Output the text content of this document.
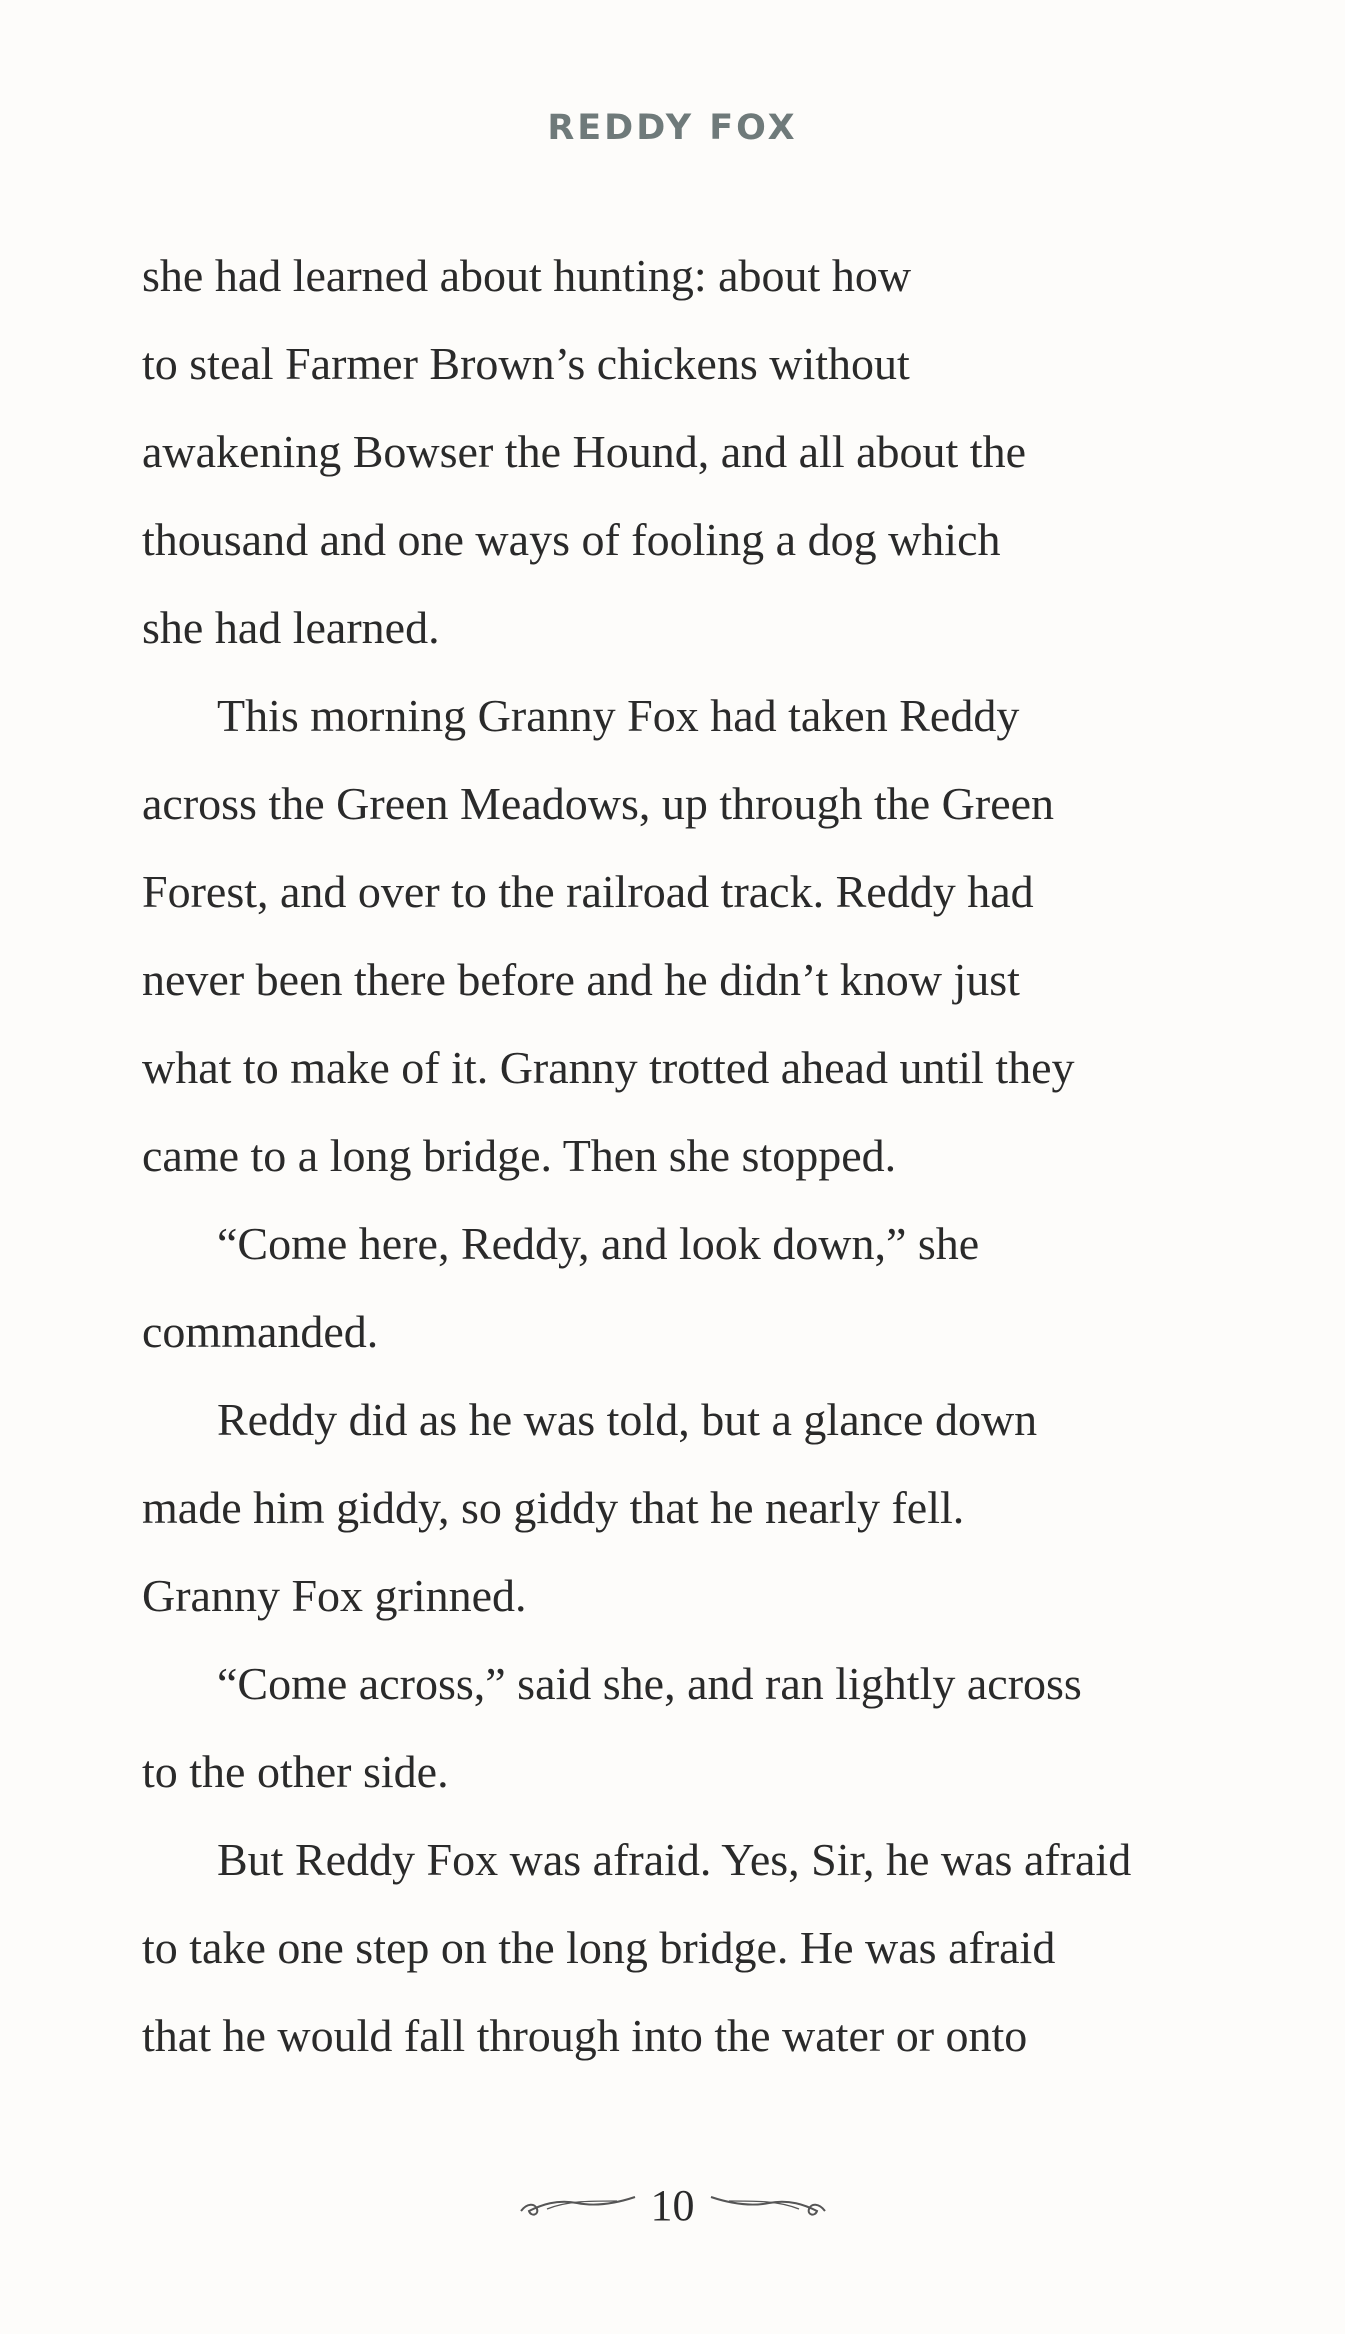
REDDY FOX
she had learned about hunting: about how
to steal Farmer Brown’s chickens without
awakening Bowser the Hound, and all about the
thousand and one ways of fooling a dog which
she had learned.
This morning Granny Fox had taken Reddy
across the Green Meadows, up through the Green
Forest, and over to the railroad track. Reddy had
never been there before and he didn’t know just
what to make of it. Granny trotted ahead until they
came to a long bridge. Then she stopped.
“Come here, Reddy, and look down,” she
commanded.
Reddy did as he was told, but a glance down
made him giddy, so giddy that he nearly fell.
Granny Fox grinned.
“Come across,” said she, and ran lightly across
to the other side.
But Reddy Fox was afraid. Yes, Sir, he was afraid
to take one step on the long bridge. He was afraid
that he would fall through into the water or onto
10
